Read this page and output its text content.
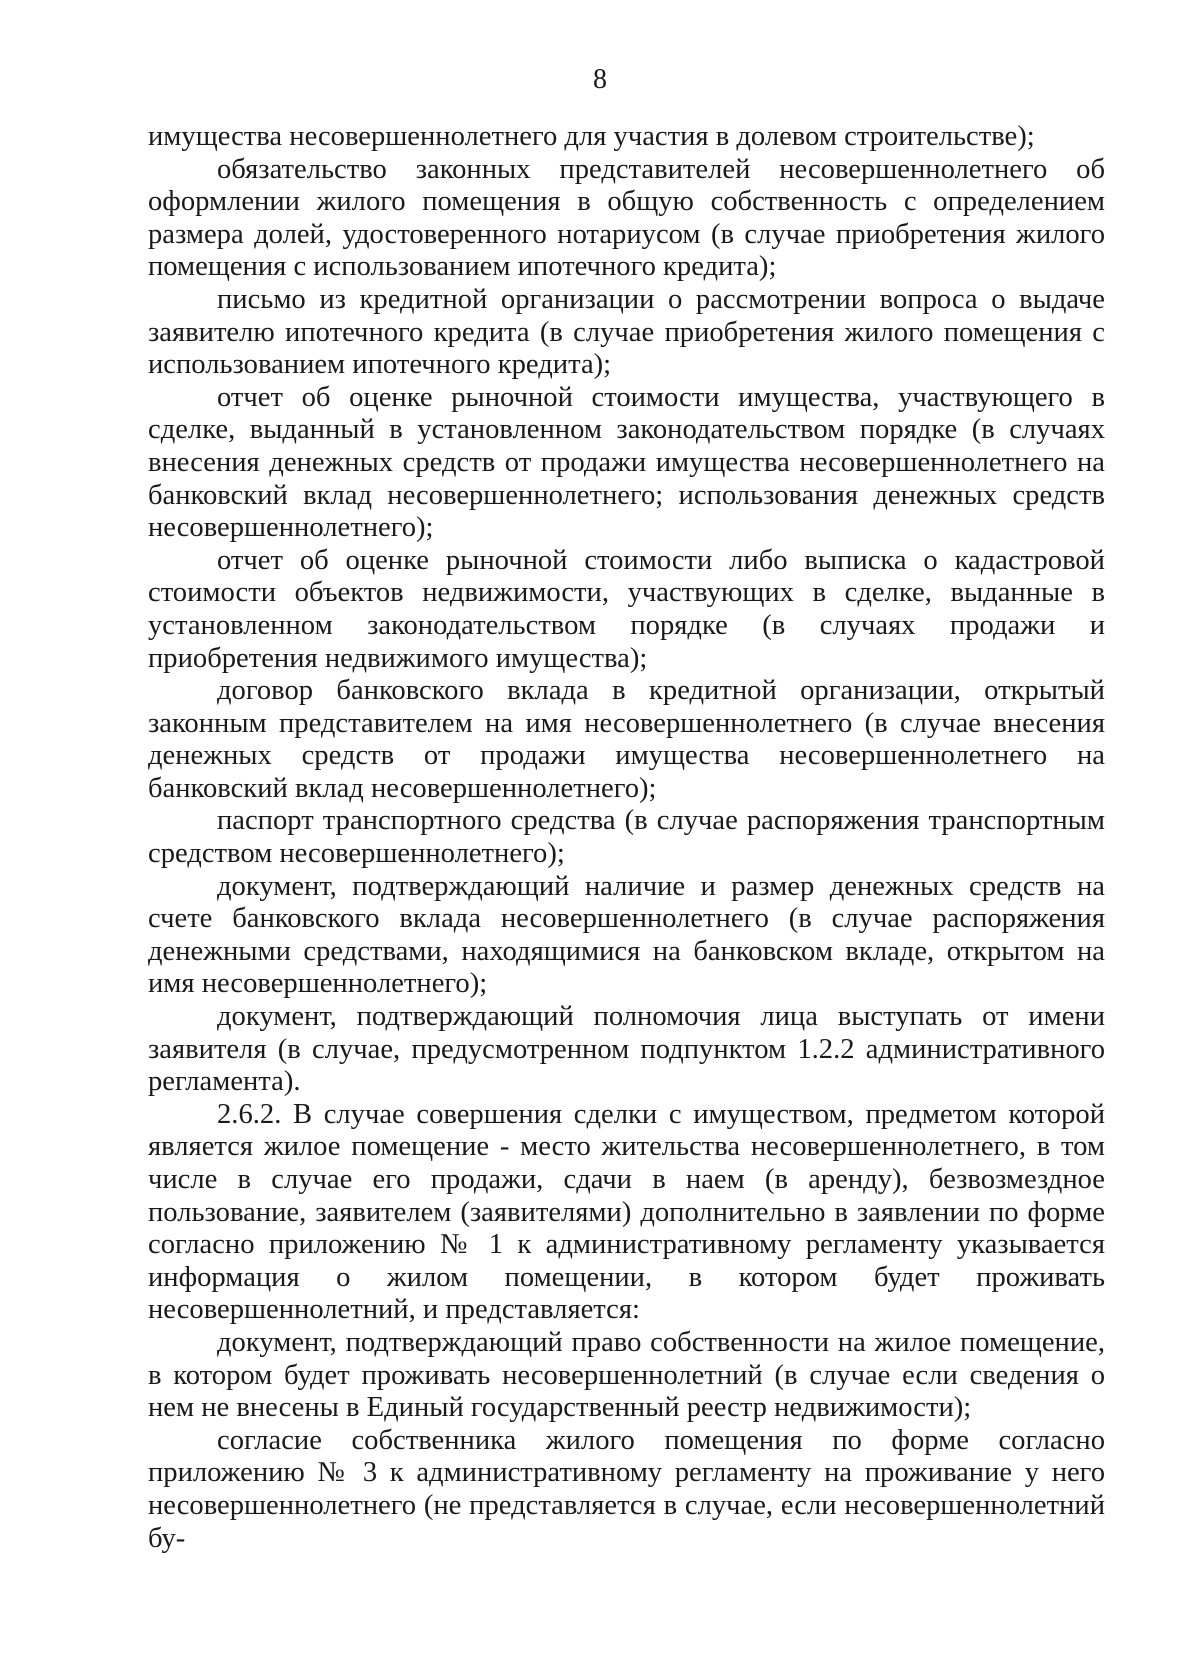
8

имущества несовершеннолетнего для участия в долевом строительстве);

обязательство законных представителей несовершеннолетнего об оформлении жилого помещения в общую собственность с определением размера долей, удостоверенного нотариусом (в случае приобретения жилого помещения с использованием ипотечного кредита);

письмо из кредитной организации о рассмотрении вопроса о выдаче заявителю ипотечного кредита (в случае приобретения жилого помещения с использованием ипотечного кредита);

отчет об оценке рыночной стоимости имущества, участвующего в сделке, выданный в установленном законодательством порядке (в случаях внесения денежных средств от продажи имущества несовершеннолетнего на банковский вклад несовершеннолетнего; использования денежных средств несовершеннолетнего);

отчет об оценке рыночной стоимости либо выписка о кадастровой стоимости объектов недвижимости, участвующих в сделке, выданные в установленном законодательством порядке (в случаях продажи и приобретения недвижимого имущества);

договор банковского вклада в кредитной организации, открытый законным представителем на имя несовершеннолетнего (в случае внесения денежных средств от продажи имущества несовершеннолетнего на банковский вклад несовершеннолетнего);

паспорт транспортного средства (в случае распоряжения транспортным средством несовершеннолетнего);

документ, подтверждающий наличие и размер денежных средств на счете банковского вклада несовершеннолетнего (в случае распоряжения денежными средствами, находящимися на банковском вкладе, открытом на имя несовершеннолетнего);

документ, подтверждающий полномочия лица выступать от имени заявителя (в случае, предусмотренном подпунктом 1.2.2 административного регламента).

2.6.2. В случае совершения сделки с имуществом, предметом которой является жилое помещение - место жительства несовершеннолетнего, в том числе в случае его продажи, сдачи в наем (в аренду), безвозмездное пользование, заявителем (заявителями) дополнительно в заявлении по форме согласно приложению № 1 к административному регламенту указывается информация о жилом помещении, в котором будет проживать несовершеннолетний, и представляется:

документ, подтверждающий право собственности на жилое помещение, в котором будет проживать несовершеннолетний (в случае если сведения о нем не внесены в Единый государственный реестр недвижимости);

согласие собственника жилого помещения по форме согласно приложению № 3 к административному регламенту на проживание у него несовершеннолетнего (не представляется в случае, если несовершеннолетний бу-
